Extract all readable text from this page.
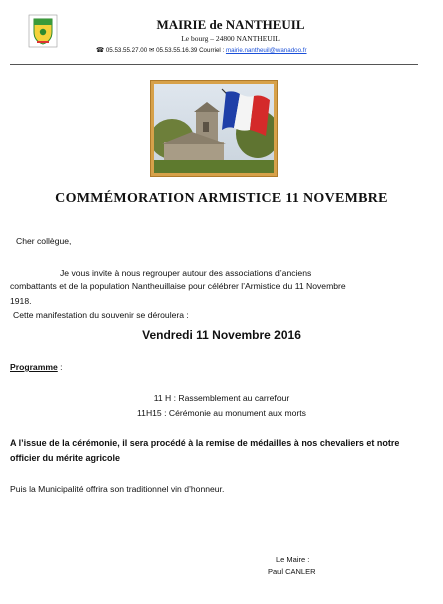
MAIRIE de NANTHEUIL
Le bourg – 24800 NANTHEUIL
☎ 05.53.55.27.00 ✉ 05.53.55.16.39 Courriel : mairie.nantheuil@wanadoo.fr
COMMÉMORATION ARMISTICE 11 NOVEMBRE
Cher collègue,
Je vous invite à nous regrouper autour des associations d’anciens
combattants et de la population Nantheuillaise pour célébrer l’Armistice du 11 Novembre
1918.
Cette manifestation du souvenir se déroulera :
Vendredi 11 Novembre 2016
Programme :
11 H : Rassemblement au carrefour
11H15 : Cérémonie au monument aux morts
A l’issue de la cérémonie, il sera procédé à la remise de médailles à nos chevaliers et notre officier du mérite agricole
Puis la Municipalité offrira son traditionnel vin d’honneur.
Le Maire :
Paul CANLER
